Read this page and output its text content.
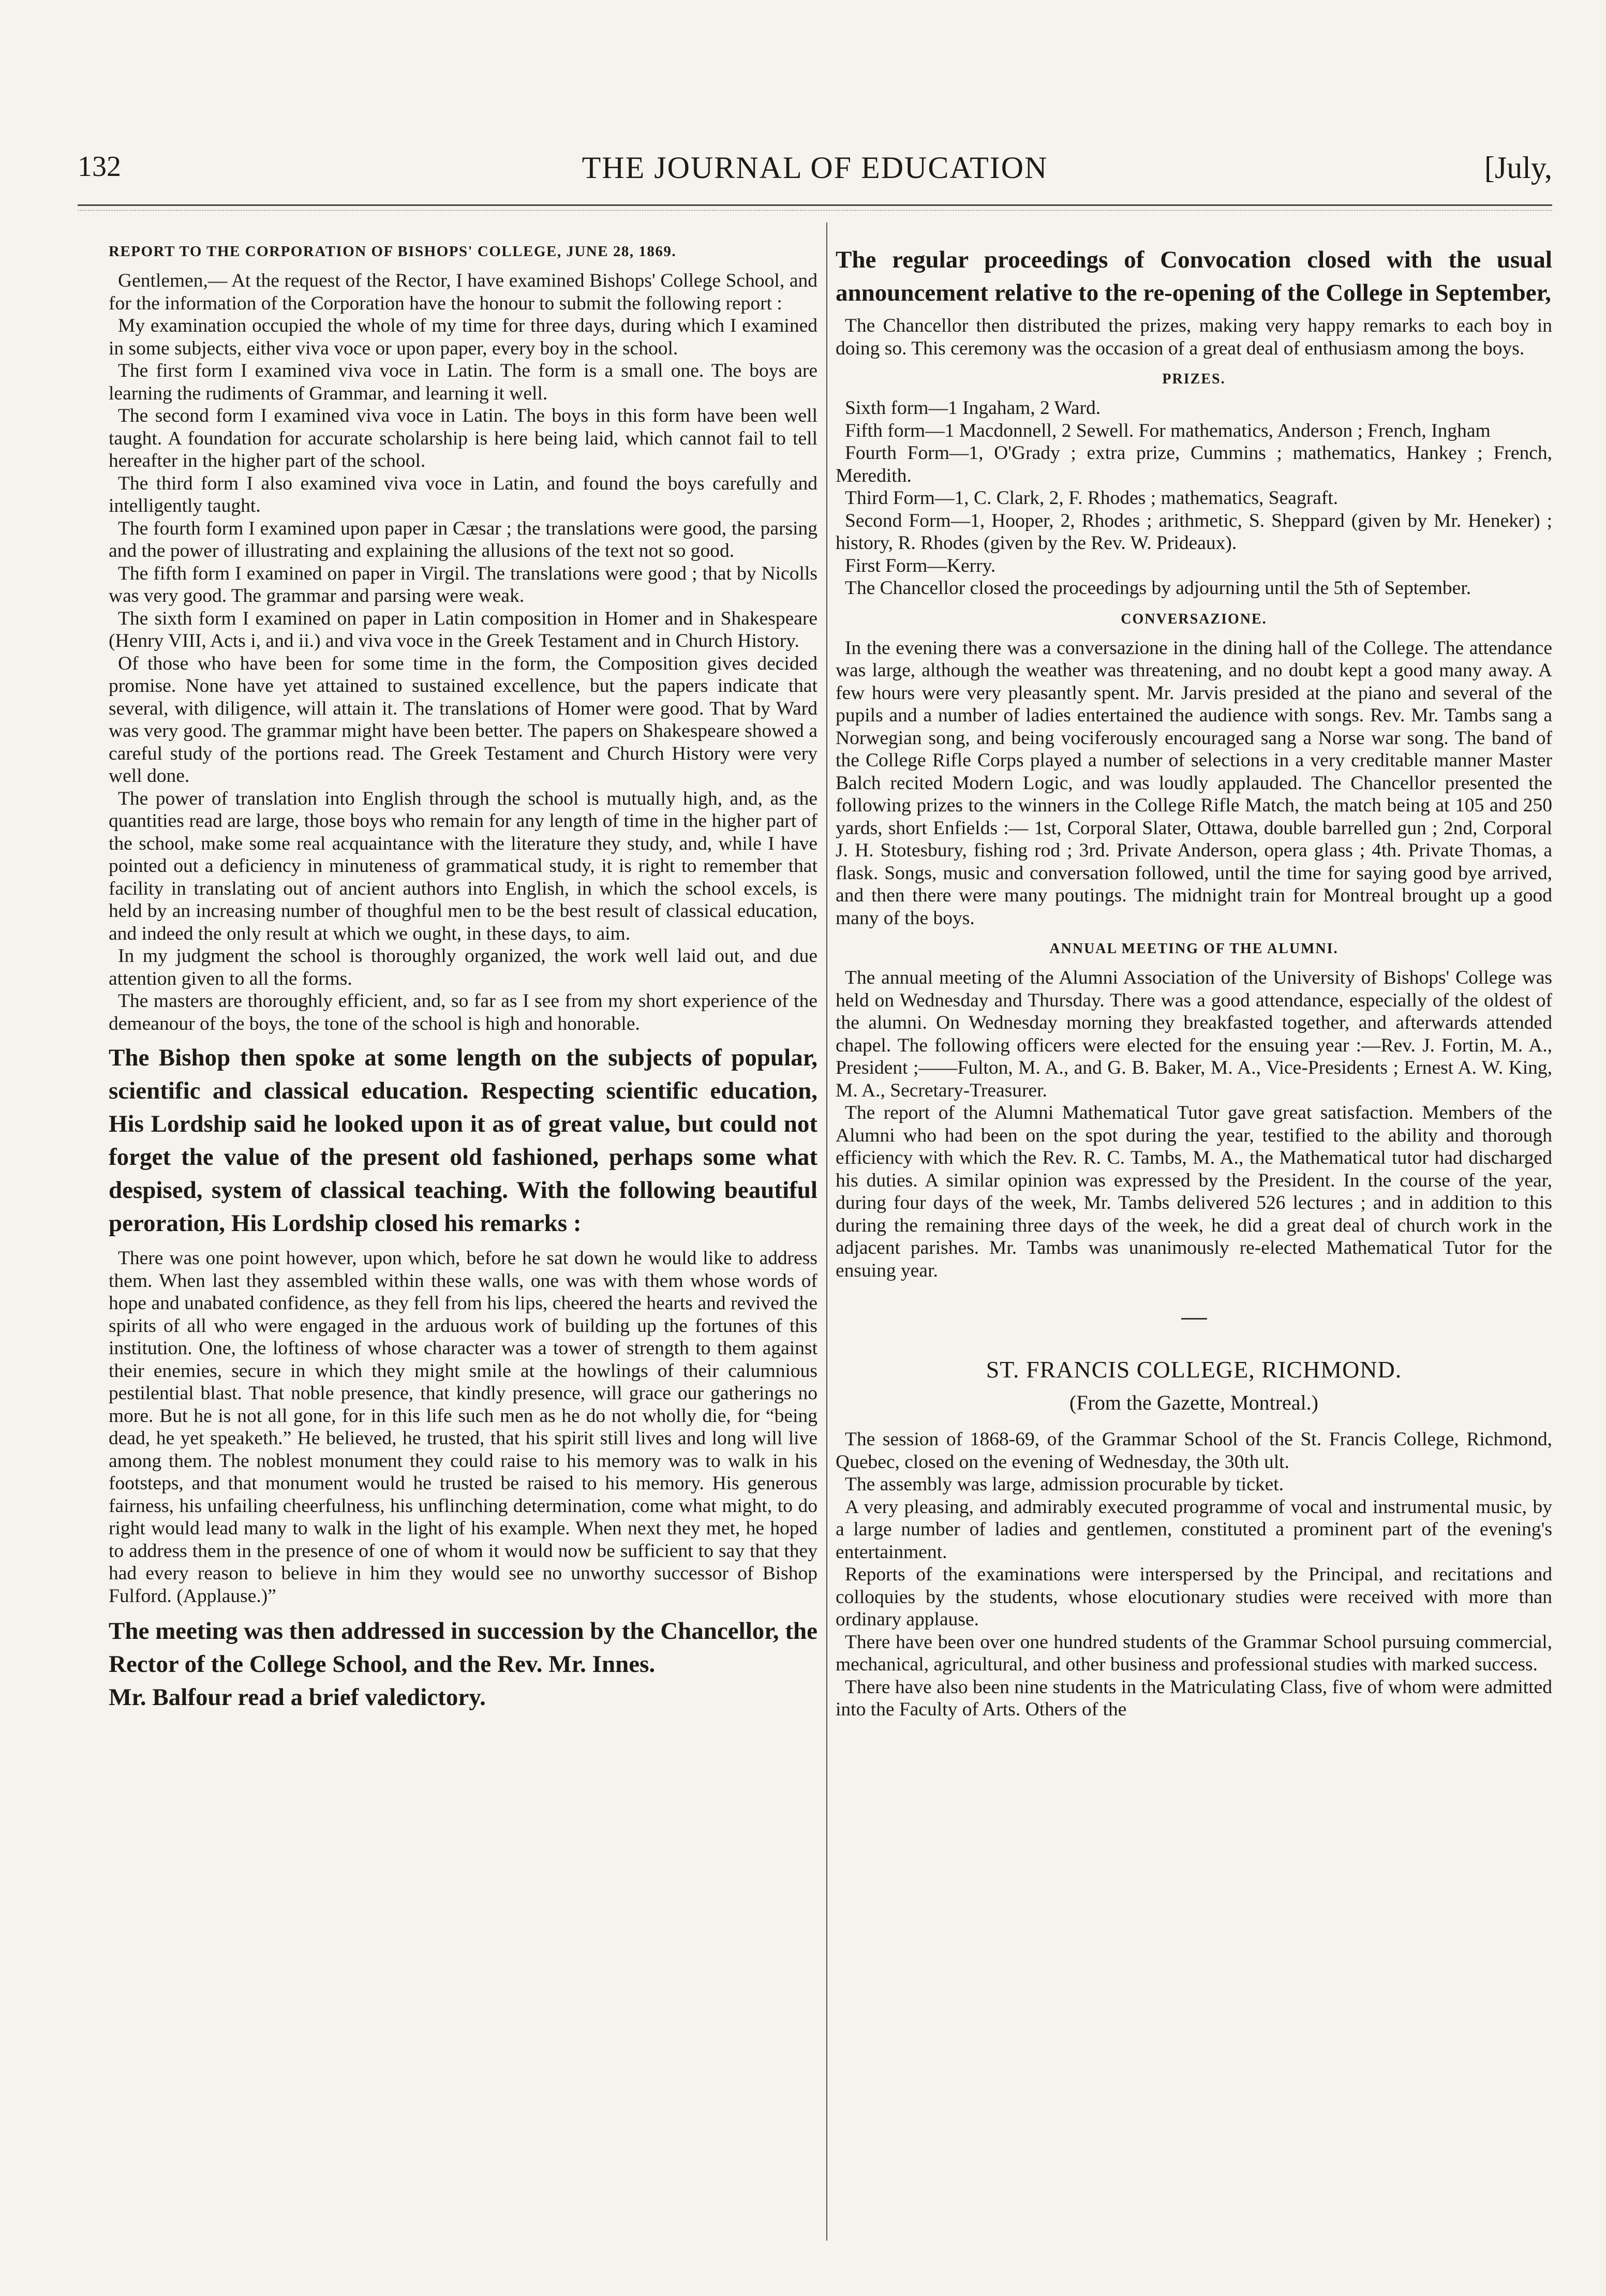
132	THE JOURNAL OF EDUCATION	[July,
REPORT TO THE CORPORATION OF BISHOPS' COLLEGE, JUNE 28, 1869.

Gentlemen,— At the request of the Rector, I have examined Bishops' College School, and for the information of the Corporation have the honour to submit the following report :

My examination occupied the whole of my time for three days, during which I examined in some subjects, either viva voce or upon paper, every boy in the school.

The first form I examined viva voce in Latin. The form is a small one. The boys are learning the rudiments of Grammar, and learning it well.

The second form I examined viva voce in Latin. The boys in this form have been well taught. A foundation for accurate scholarship is here being laid, which cannot fail to tell hereafter in the higher part of the school.

The third form I also examined viva voce in Latin, and found the boys carefully and intelligently taught.

The fourth form I examined upon paper in Cæsar ; the translations were good, the parsing and the power of illustrating and explaining the allusions of the text not so good.

The fifth form I examined on paper in Virgil. The translations were good ; that by Nicolls was very good. The grammar and parsing were weak.

The sixth form I examined on paper in Latin composition in Homer and in Shakespeare (Henry VIII, Acts i, and ii.) and viva voce in the Greek Testament and in Church History.

Of those who have been for some time in the form, the Composition gives decided promise. None have yet attained to sustained excellence, but the papers indicate that several, with diligence, will attain it. The translations of Homer were good. That by Ward was very good. The grammar might have been better. The papers on Shakespeare showed a careful study of the portions read. The Greek Testament and Church History were very well done.

The power of translation into English through the school is mutually high, and, as the quantities read are large, those boys who remain for any length of time in the higher part of the school, make some real acquaintance with the literature they study, and, while I have pointed out a deficiency in minuteness of grammatical study, it is right to remember that facility in translating out of ancient authors into English, in which the school excels, is held by an increasing number of thoughful men to be the best result of classical education, and indeed the only result at which we ought, in these days, to aim.

In my judgment the school is thoroughly organized, the work well laid out, and due attention given to all the forms.

The masters are thoroughly efficient, and, so far as I see from my short experience of the demeanour of the boys, the tone of the school is high and honorable.

The Bishop then spoke at some length on the subjects of popular, scientific and classical education. Respecting scientific education, His Lordship said he looked upon it as of great value, but could not forget the value of the present old fashioned, perhaps some what despised, system of classical teaching. With the following beautiful peroration, His Lordship closed his remarks :

There was one point however, upon which, before he sat down he would like to address them. When last they assembled within these walls, one was with them whose words of hope and unabated confidence, as they fell from his lips, cheered the hearts and revived the spirits of all who were engaged in the arduous work of building up the fortunes of this institution. One, the loftiness of whose character was a tower of strength to them against their enemies, secure in which they might smile at the howlings of their calumnious pestilential blast. That noble presence, that kindly presence, will grace our gatherings no more. But he is not all gone, for in this life such men as he do not wholly die, for “being dead, he yet speaketh.” He believed, he trusted, that his spirit still lives and long will live among them. The noblest monument they could raise to his memory was to walk in his footsteps, and that monument would he trusted be raised to his memory. His generous fairness, his unfailing cheerfulness, his unflinching determination, come what might, to do right would lead many to walk in the light of his example. When next they met, he hoped to address them in the presence of one of whom it would now be sufficient to say that they had every reason to believe in him they would see no unworthy successor of Bishop Fulford. (Applause.)”

The meeting was then addressed in succession by the Chancellor, the Rector of the College School, and the Rev. Mr. Innes.

Mr. Balfour read a brief valedictory.

The regular proceedings of Convocation closed with the usual announcement relative to the re-opening of the College in September,

The Chancellor then distributed the prizes, making very happy remarks to each boy in doing so. This ceremony was the occasion of a great deal of enthusiasm among the boys.

PRIZES.

Sixth form—1 Ingaham, 2 Ward.

Fifth form—1 Macdonnell, 2 Sewell. For mathematics, Anderson ; French, Ingham

Fourth Form—1, O'Grady ; extra prize, Cummins ; mathematics, Hankey ; French, Meredith.

Third Form—1, C. Clark, 2, F. Rhodes ; mathematics, Seagraft.

Second Form—1, Hooper, 2, Rhodes ; arithmetic, S. Sheppard (given by Mr. Heneker) ; history, R. Rhodes (given by the Rev. W. Prideaux).

First Form—Kerry.

The Chancellor closed the proceedings by adjourning until the 5th of September.

CONVERSAZIONE.

In the evening there was a conversazione in the dining hall of the College. The attendance was large, although the weather was threatening, and no doubt kept a good many away. A few hours were very pleasantly spent. Mr. Jarvis presided at the piano and several of the pupils and a number of ladies entertained the audience with songs. Rev. Mr. Tambs sang a Norwegian song, and being vociferously encouraged sang a Norse war song. The band of the College Rifle Corps played a number of selections in a very creditable manner Master Balch recited Modern Logic, and was loudly applauded. The Chancellor presented the following prizes to the winners in the College Rifle Match, the match being at 105 and 250 yards, short Enfields :— 1st, Corporal Slater, Ottawa, double barrelled gun ; 2nd, Corporal J. H. Stotesbury, fishing rod ; 3rd. Private Anderson, opera glass ; 4th. Private Thomas, a flask. Songs, music and conversation followed, until the time for saying good bye arrived, and then there were many poutings. The midnight train for Montreal brought up a good many of the boys.

ANNUAL MEETING OF THE ALUMNI.

The annual meeting of the Alumni Association of the University of Bishops' College was held on Wednesday and Thursday. There was a good attendance, especially of the oldest of the alumni. On Wednesday morning they breakfasted together, and afterwards attended chapel. The following officers were elected for the ensuing year :—Rev. J. Fortin, M. A., President ;——Fulton, M. A., and G. B. Baker, M. A., Vice-Presidents ; Ernest A. W. King, M. A., Secretary-Treasurer.

The report of the Alumni Mathematical Tutor gave great satisfaction. Members of the Alumni who had been on the spot during the year, testified to the ability and thorough efficiency with which the Rev. R. C. Tambs, M. A., the Mathematical tutor had discharged his duties. A similar opinion was expressed by the President. In the course of the year, during four days of the week, Mr. Tambs delivered 526 lectures ; and in addition to this during the remaining three days of the week, he did a great deal of church work in the adjacent parishes. Mr. Tambs was unanimously re-elected Mathematical Tutor for the ensuing year.

ST. FRANCIS COLLEGE, RICHMOND.
(From the Gazette, Montreal.)

The session of 1868-69, of the Grammar School of the St. Francis College, Richmond, Quebec, closed on the evening of Wednesday, the 30th ult.

The assembly was large, admission procurable by ticket.

A very pleasing, and admirably executed programme of vocal and instrumental music, by a large number of ladies and gentlemen, constituted a prominent part of the evening's entertainment.

Reports of the examinations were interspersed by the Principal, and recitations and colloquies by the students, whose elocutionary studies were received with more than ordinary applause.

There have been over one hundred students of the Grammar School pursuing commercial, mechanical, agricultural, and other business and professional studies with marked success.

There have also been nine students in the Matriculating Class, five of whom were admitted into the Faculty of Arts. Others of the
